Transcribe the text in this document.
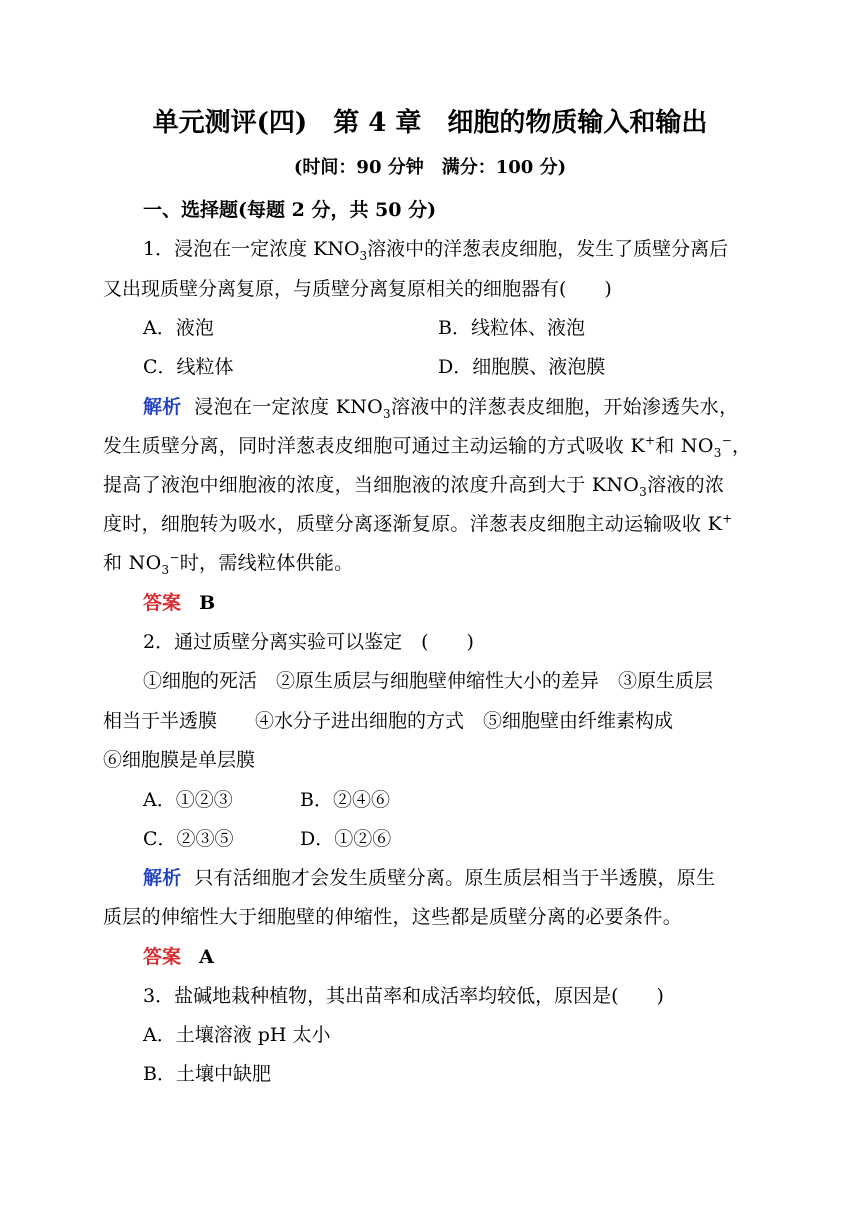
单元测评(四)　第 4 章　细胞的物质输入和输出
(时间：90 分钟　满分：100 分)
一、选择题(每题 2 分，共 50 分)
1．浸泡在一定浓度 $KNO_3$溶液中的洋葱表皮细胞，发生了质壁分离后
又出现质壁分离复原，与质壁分离复原相关的细胞器有(　　)
A．液泡	B．线粒体、液泡
C．线粒体	D．细胞膜、液泡膜
解析 浸泡在一定浓度 $KNO_3$溶液中的洋葱表皮细胞，开始渗透失水，
发生质壁分离，同时洋葱表皮细胞可通过主动运输的方式吸收 K+和 $NO_3^-$，
提高了液泡中细胞液的浓度，当细胞液的浓度升高到大于 $KNO_3$溶液的浓
度时，细胞转为吸水，质壁分离逐渐复原。洋葱表皮细胞主动运输吸收 K+
和 $NO_3^-$时，需线粒体供能。
答案 B
2．通过质壁分离实验可以鉴定　(　　)
①细胞的死活　②原生质层与细胞壁伸缩性大小的差异　③原生质层
相当于半透膜　　④水分子进出细胞的方式　⑤细胞壁由纤维素构成
⑥细胞膜是单层膜
A．①②③	B．②④⑥
C．②③⑤	D．①②⑥
解析 只有活细胞才会发生质壁分离。原生质层相当于半透膜，原生
质层的伸缩性大于细胞壁的伸缩性，这些都是质壁分离的必要条件。
答案 A
3．盐碱地栽种植物，其出苗率和成活率均较低，原因是(　　)
A．土壤溶液 pH 太小
B．土壤中缺肥
